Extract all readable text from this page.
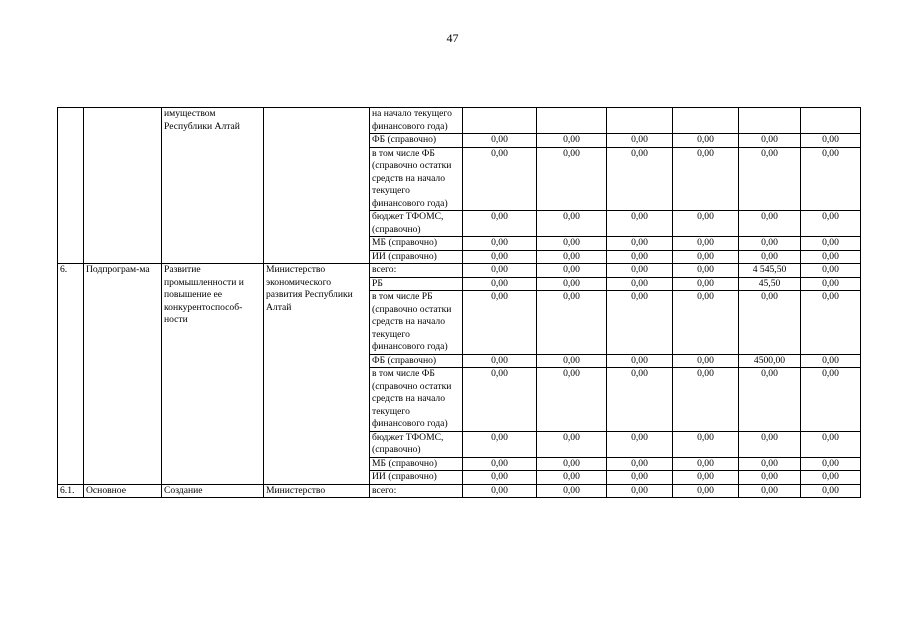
47
		имуществом Республики Алтай		на начало текущего финансового года)						
				ФБ (справочно)	0,00	0,00	0,00	0,00	0,00	0,00
				в том числе ФБ (справочно остатки средств на начало текущего финансового года)	0,00	0,00	0,00	0,00	0,00	0,00
				бюджет ТФОМС, (справочно)	0,00	0,00	0,00	0,00	0,00	0,00
				МБ (справочно)	0,00	0,00	0,00	0,00	0,00	0,00
				ИИ (справочно)	0,00	0,00	0,00	0,00	0,00	0,00
6.	Подпрограм-ма	Развитие промышленности и повышение ее конкурентоспособ-ности	Министерство экономического развития Республики Алтай	всего:	0,00	0,00	0,00	0,00	4 545,50	0,00
				РБ	0,00	0,00	0,00	0,00	45,50	0,00
				в том числе РБ (справочно остатки средств на начало текущего финансового года)	0,00	0,00	0,00	0,00	0,00	0,00
				ФБ (справочно)	0,00	0,00	0,00	0,00	4500,00	0,00
				в том числе ФБ (справочно остатки средств на начало текущего финансового года)	0,00	0,00	0,00	0,00	0,00	0,00
				бюджет ТФОМС, (справочно)	0,00	0,00	0,00	0,00	0,00	0,00
				МБ (справочно)	0,00	0,00	0,00	0,00	0,00	0,00
				ИИ (справочно)	0,00	0,00	0,00	0,00	0,00	0,00
6.1.	Основное	Создание	Министерство	всего:	0,00	0,00	0,00	0,00	0,00	0,00
